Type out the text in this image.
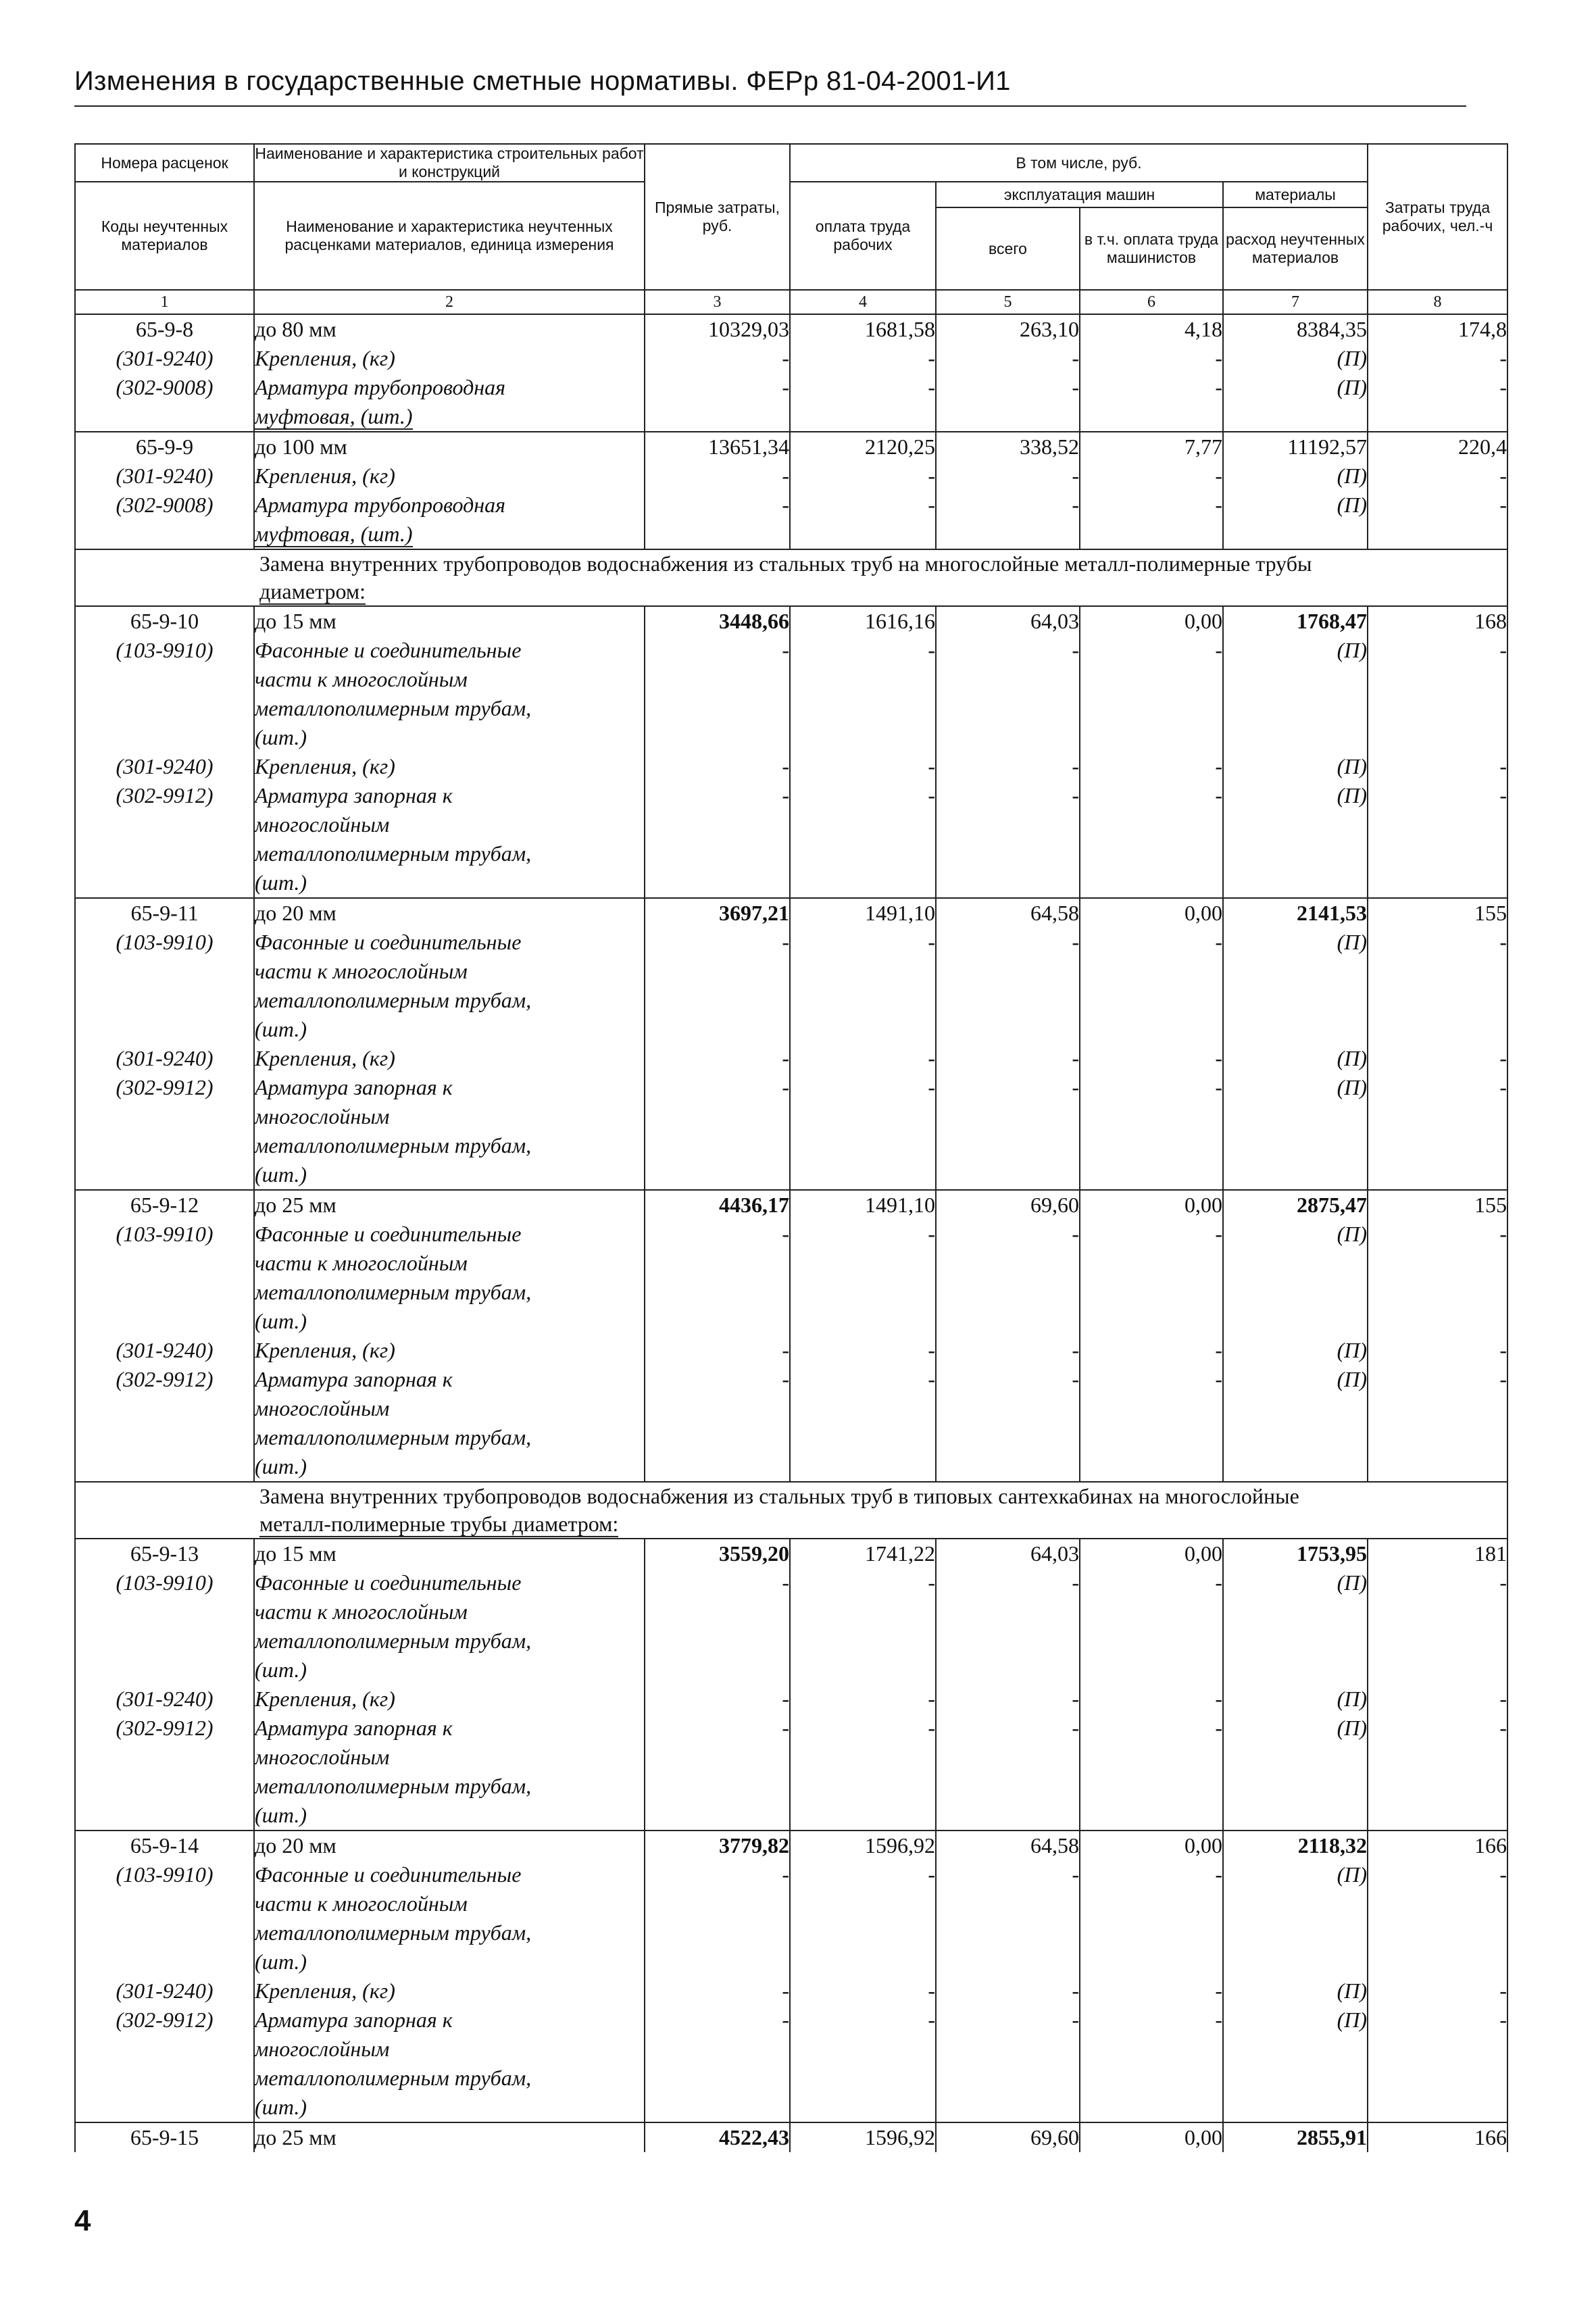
Изменения в государственные сметные нормативы. ФЕРр 81-04-2001-И1
Номера расценок	Наименование и характеристика строительных работ и конструкций	Прямые затраты, руб.	В том числе, руб.				Затраты труда рабочих, чел.-ч
Коды неучтенных материалов	Наименование и характеристика неучтенных расценками материалов, единица измерения		оплата труда рабочих	эксплуатация машин		материалы	
				всего	в т.ч. оплата труда машинистов	расход неучтенных материалов	
1	2	3	4	5	6	7	8
65-9-8	до 80 мм	10329,03	1681,58	263,10	4,18	8384,35	174,8
(301-9240)	Крепления, (кг)	-	-	-	-	(П)	-
(302-9008)	Арматура трубопроводная	-	-	-	-	(П)	-
	муфтовая, (шт.)						
65-9-9	до 100 мм	13651,34	2120,25	338,52	7,77	11192,57	220,4
(301-9240)	Крепления, (кг)	-	-	-	-	(П)	-
(302-9008)	Арматура трубопроводная	-	-	-	-	(П)	-
	муфтовая, (шт.)						
	Замена внутренних трубопроводов водоснабжения из стальных труб на многослойные металл-полимерные трубы
диаметром:						
65-9-10	до 15 мм	3448,66	1616,16	64,03	0,00	1768,47	168
(103-9910)	Фасонные и соединительные	-	-	-	-	(П)	-
	части к многослойным						
	металлополимерным трубам,						
	(шт.)						
(301-9240)	Крепления, (кг)	-	-	-	-	(П)	-
(302-9912)	Арматура запорная к	-	-	-	-	(П)	-
	многослойным						
	металлополимерным трубам,						
	(шт.)						
65-9-11	до 20 мм	3697,21	1491,10	64,58	0,00	2141,53	155
(103-9910)	Фасонные и соединительные	-	-	-	-	(П)	-
	части к многослойным						
	металлополимерным трубам,						
	(шт.)						
(301-9240)	Крепления, (кг)	-	-	-	-	(П)	-
(302-9912)	Арматура запорная к	-	-	-	-	(П)	-
	многослойным						
	металлополимерным трубам,						
	(шт.)						
65-9-12	до 25 мм	4436,17	1491,10	69,60	0,00	2875,47	155
(103-9910)	Фасонные и соединительные	-	-	-	-	(П)	-
	части к многослойным						
	металлополимерным трубам,						
	(шт.)						
(301-9240)	Крепления, (кг)	-	-	-	-	(П)	-
(302-9912)	Арматура запорная к	-	-	-	-	(П)	-
	многослойным						
	металлополимерным трубам,						
	(шт.)						
	Замена внутренних трубопроводов водоснабжения из стальных труб в типовых сантехкабинах на многослойные
металл-полимерные трубы диаметром:						
65-9-13	до 15 мм	3559,20	1741,22	64,03	0,00	1753,95	181
(103-9910)	Фасонные и соединительные	-	-	-	-	(П)	-
	части к многослойным						
	металлополимерным трубам,						
	(шт.)						
(301-9240)	Крепления, (кг)	-	-	-	-	(П)	-
(302-9912)	Арматура запорная к	-	-	-	-	(П)	-
	многослойным						
	металлополимерным трубам,						
	(шт.)						
65-9-14	до 20 мм	3779,82	1596,92	64,58	0,00	2118,32	166
(103-9910)	Фасонные и соединительные	-	-	-	-	(П)	-
	части к многослойным						
	металлополимерным трубам,						
	(шт.)						
(301-9240)	Крепления, (кг)	-	-	-	-	(П)	-
(302-9912)	Арматура запорная к	-	-	-	-	(П)	-
	многослойным						
	металлополимерным трубам,						
	(шт.)						
65-9-15	до 25 мм	4522,43	1596,92	69,60	0,00	2855,91	166
4
